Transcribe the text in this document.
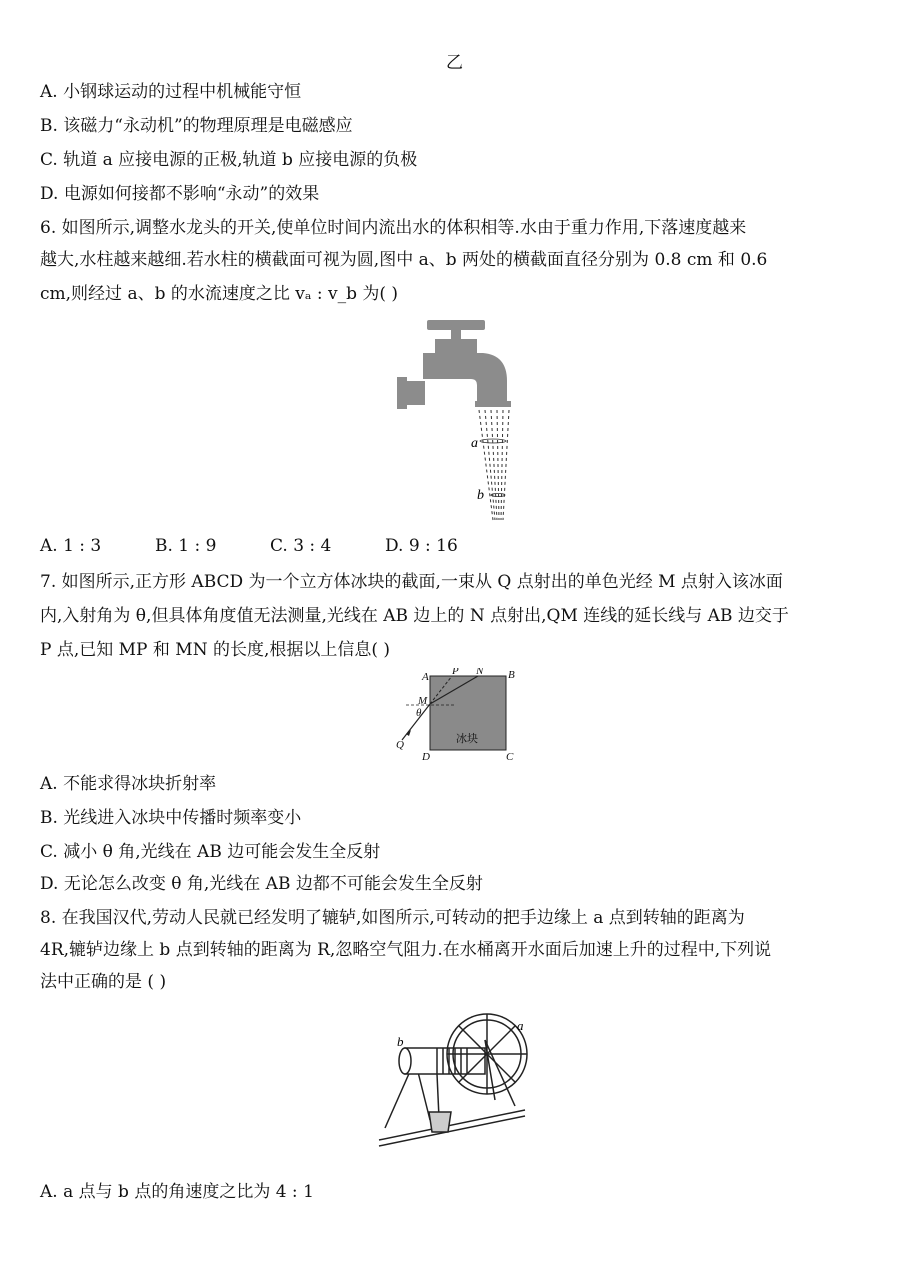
乙
A. 小钢球运动的过程中机械能守恒
B. 该磁力“永动机”的物理原理是电磁感应
C. 轨道 a 应接电源的正极,轨道 b 应接电源的负极
D. 电源如何接都不影响“永动”的效果
6. 如图所示,调整水龙头的开关,使单位时间内流出水的体积相等.水由于重力作用,下落速度越来
越大,水柱越来越细.若水柱的横截面可视为圆,图中 a、b 两处的横截面直径分别为 0.8 cm 和 0.6
cm,则经过 a、b 的水流速度之比 vₐ : v_b 为( )
a
b
A. 1 : 3	B. 1 : 9	C. 3 : 4	D. 9 : 16
7. 如图所示,正方形 ABCD 为一个立方体冰块的截面,一束从 Q 点射出的单色光经 M 点射入该冰面
内,入射角为 θ,但具体角度值无法测量,光线在 AB 边上的 N 点射出,QM 连线的延长线与 AB 边交于
P 点,已知 MP 和 MN 的长度,根据以上信息( )
A P N B
M
θ
Q
D	C
冰块
A. 不能求得冰块折射率
B. 光线进入冰块中传播时频率变小
C. 减小 θ 角,光线在 AB 边可能会发生全反射
D. 无论怎么改变 θ 角,光线在 AB 边都不可能会发生全反射
8. 在我国汉代,劳动人民就已经发明了辘轳,如图所示,可转动的把手边缘上 a 点到转轴的距离为
4R,辘轳边缘上 b 点到转轴的距离为 R,忽略空气阻力.在水桶离开水面后加速上升的过程中,下列说
法中正确的是 ( )
b
a
A. a 点与 b 点的角速度之比为 4 : 1
